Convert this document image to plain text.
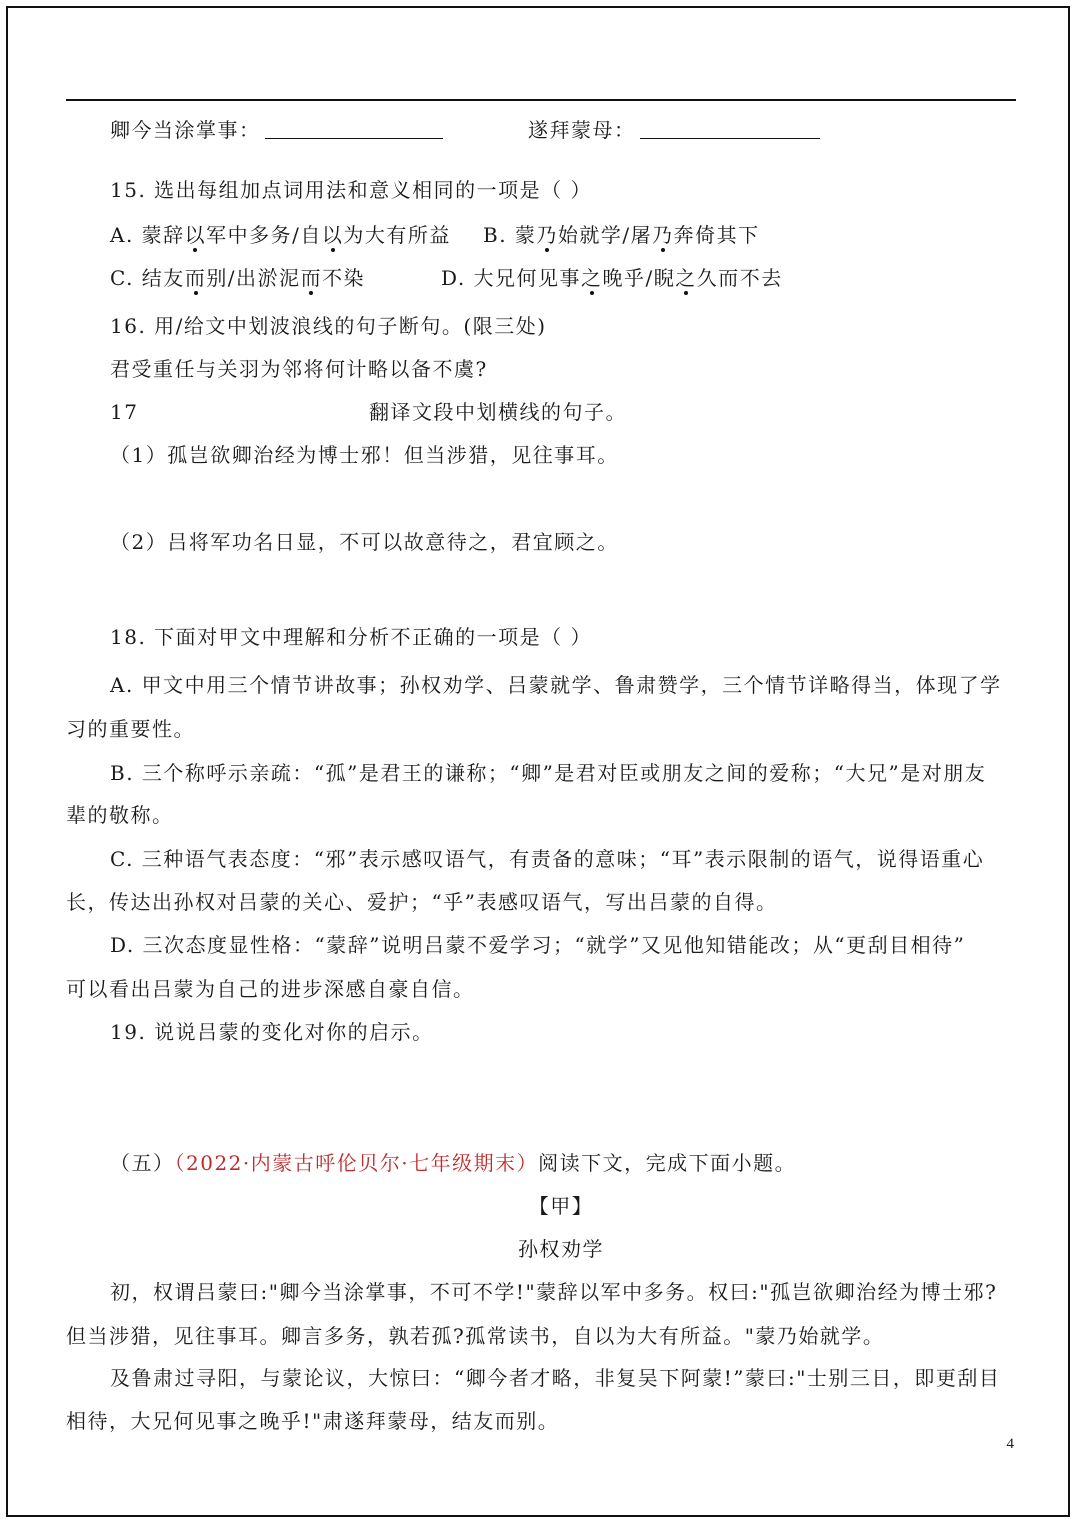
卿今当涂掌事：	遂拜蒙母：
15. 选出每组加点词用法和意义相同的一项是（ ）
A. 蒙辞以军中多务/自以为大有所益 B. 蒙乃始就学/屠乃奔倚其下
C. 结友而别/出淤泥而不染	D. 大兄何见事之晚乎/睨之久而不去
16. 用/给文中划波浪线的句子断句。(限三处)
君受重任与关羽为邻将何计略以备不虞?
17	翻译文段中划横线的句子。
（1）孤岂欲卿治经为博士邪！但当涉猎，见往事耳。
（2）吕将军功名日显，不可以故意待之，君宜顾之。
18. 下面对甲文中理解和分析不正确的一项是（ ）
A. 甲文中用三个情节讲故事；孙权劝学、吕蒙就学、鲁肃赞学，三个情节详略得当，体现了学
习的重要性。
B. 三个称呼示亲疏：“孤”是君王的谦称；“卿”是君对臣或朋友之间的爱称；“大兄”是对朋友
辈的敬称。
C. 三种语气表态度：“邪”表示感叹语气，有责备的意味；“耳”表示限制的语气，说得语重心
长，传达出孙权对吕蒙的关心、爱护；“乎”表感叹语气，写出吕蒙的自得。
D. 三次态度显性格：“蒙辞”说明吕蒙不爱学习；“就学”又见他知错能改；从“更刮目相待”
可以看出吕蒙为自己的进步深感自豪自信。
19. 说说吕蒙的变化对你的启示。
（五）（2022·内蒙古呼伦贝尔·七年级期末）阅读下文，完成下面小题。
【甲】
孙权劝学
初，权谓吕蒙曰:"卿今当涂掌事，不可不学!"蒙辞以军中多务。权曰:"孤岂欲卿治经为博士邪?
但当涉猎，见往事耳。卿言多务，孰若孤?孤常读书，自以为大有所益。"蒙乃始就学。
及鲁肃过寻阳，与蒙论议，大惊曰：“卿今者才略，非复吴下阿蒙!”蒙曰:"士别三日，即更刮目
相待，大兄何见事之晚乎!"肃遂拜蒙母，结友而别。
4
